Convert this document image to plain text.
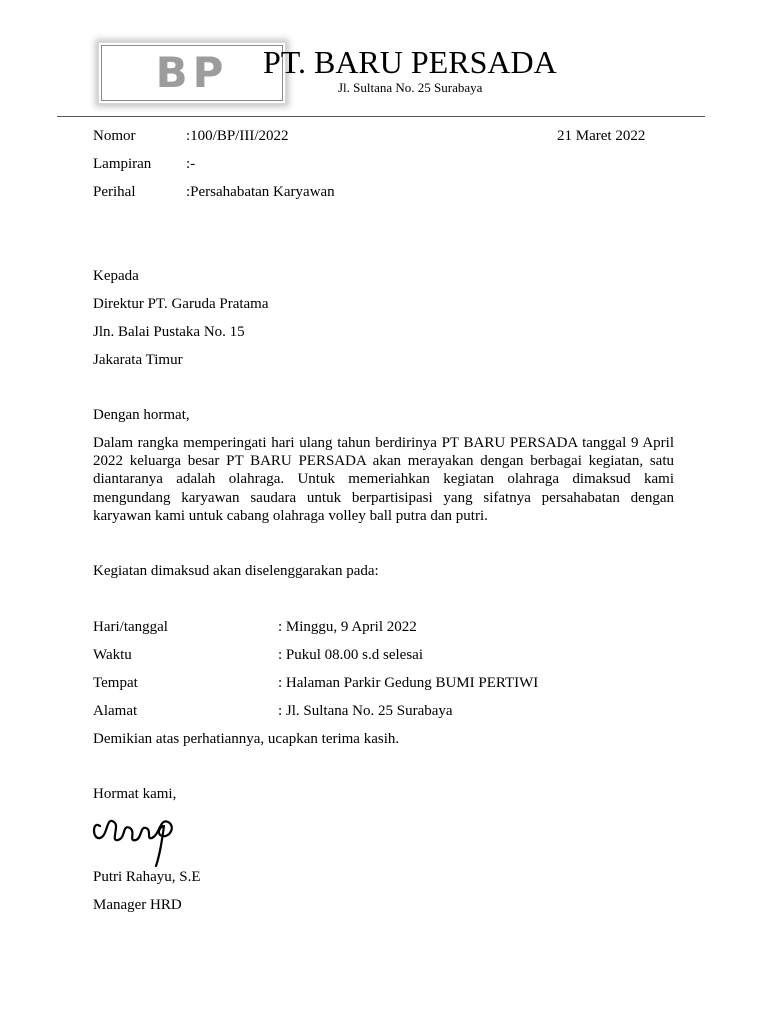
BP	PT. BARU PERSADA
Jl. Sultana No. 25 Surabaya
Nomor	:100/BP/III/2022	21 Maret 2022
Lampiran :-
Perihal	:Persahabatan Karyawan
Kepada
Direktur PT. Garuda Pratama
Jln. Balai Pustaka No. 15
Jakarata Timur
Dengan hormat,
Dalam rangka memperingati hari ulang tahun berdirinya PT BARU PERSADA tanggal 9 April 2022 keluarga besar PT BARU PERSADA akan merayakan dengan berbagai kegiatan, satu diantaranya adalah olahraga. Untuk memeriahkan kegiatan olahraga dimaksud kami mengundang karyawan saudara untuk berpartisipasi yang sifatnya persahabatan dengan karyawan kami untuk cabang olahraga volley ball putra dan putri.
Kegiatan dimaksud akan diselenggarakan pada:
Hari/tanggal	: Minggu, 9 April 2022
Waktu	: Pukul 08.00 s.d selesai
Tempat	: Halaman Parkir Gedung BUMI PERTIWI
Alamat	: Jl. Sultana No. 25 Surabaya
Demikian atas perhatiannya, ucapkan terima kasih.
Hormat kami,
Putri Rahayu, S.E
Manager HRD
